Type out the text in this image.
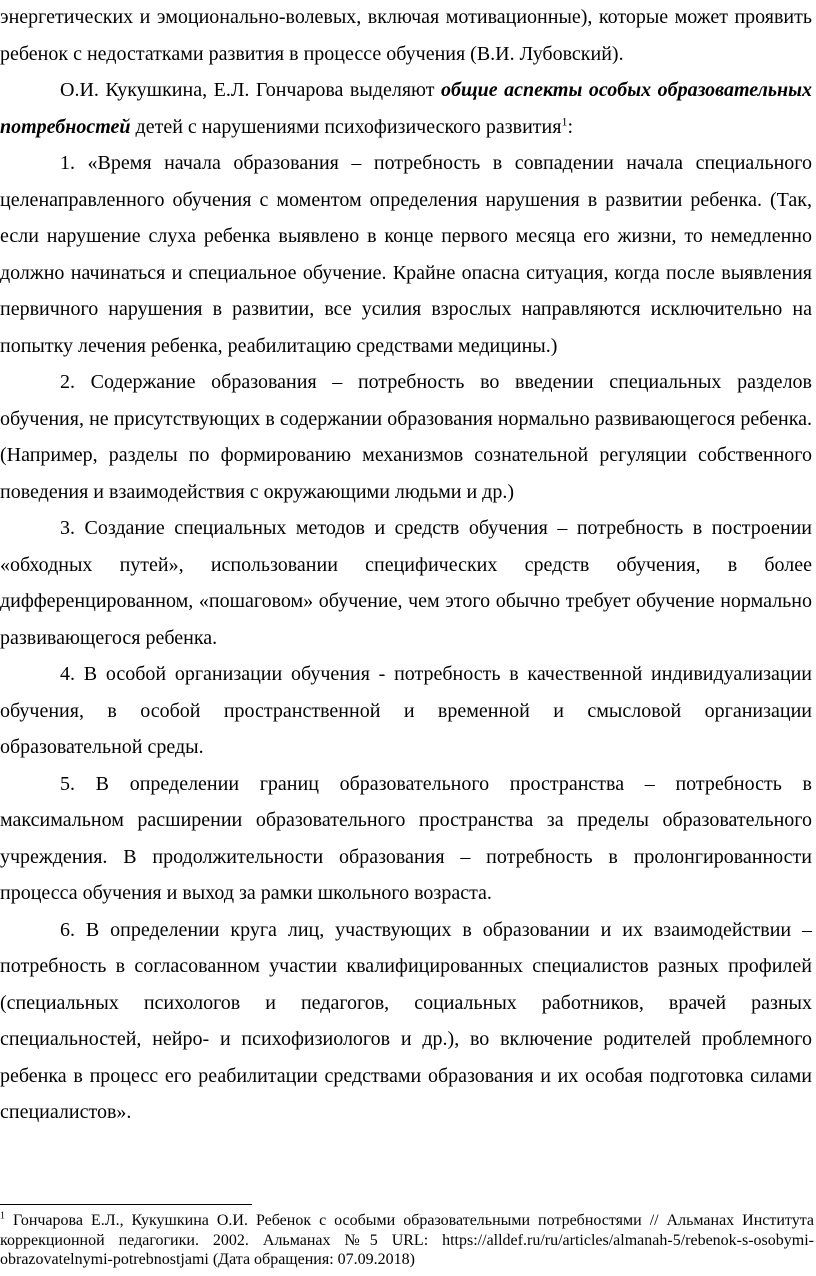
энергетических и эмоционально-волевых, включая мотивационные), которые может проявить ребенок с недостатками развития в процессе обучения (В.И. Лубовский).

О.И. Кукушкина, Е.Л. Гончарова выделяют общие аспекты особых образовательных потребностей детей с нарушениями психофизического развития$^1$:

1. «Время начала образования – потребность в совпадении начала специального целенаправленного обучения с моментом определения нарушения в развитии ребенка. (Так, если нарушение слуха ребенка выявлено в конце первого месяца его жизни, то немедленно должно начинаться и специальное обучение. Крайне опасна ситуация, когда после выявления первичного нарушения в развитии, все усилия взрослых направляются исключительно на попытку лечения ребенка, реабилитацию средствами медицины.)

2. Содержание образования – потребность во введении специальных разделов обучения, не присутствующих в содержании образования нормально развивающегося ребенка. (Например, разделы по формированию механизмов сознательной регуляции собственного поведения и взаимодействия с окружающими людьми и др.)

3. Создание специальных методов и средств обучения – потребность в построении «обходных путей», использовании специфических средств обучения, в более дифференцированном, «пошаговом» обучение, чем этого обычно требует обучение нормально развивающегося ребенка.

4. В особой организации обучения - потребность в качественной индивидуализации обучения, в особой пространственной и временной и смысловой организации образовательной среды.

5. В определении границ образовательного пространства – потребность в максимальном расширении образовательного пространства за пределы образовательного учреждения. В продолжительности образования – потребность в пролонгированности процесса обучения и выход за рамки школьного возраста.

6. В определении круга лиц, участвующих в образовании и их взаимодействии – потребность в согласованном участии квалифицированных специалистов разных профилей (специальных психологов и педагогов, социальных работников, врачей разных специальностей, нейро- и психофизиологов и др.), во включение родителей проблемного ребенка в процесс его реабилитации средствами образования и их особая подготовка силами специалистов».

$^1$ Гончарова Е.Л., Кукушкина О.И. Ребенок с особыми образовательными потребностями // Альманах Института коррекционной педагогики. 2002. Альманах №5 URL: https://alldef.ru/ru/articles/almanah-5/rebenok-s-osobymi-obrazovatelnymi-potrebnostjami (Дата обращения: 07.09.2018)
